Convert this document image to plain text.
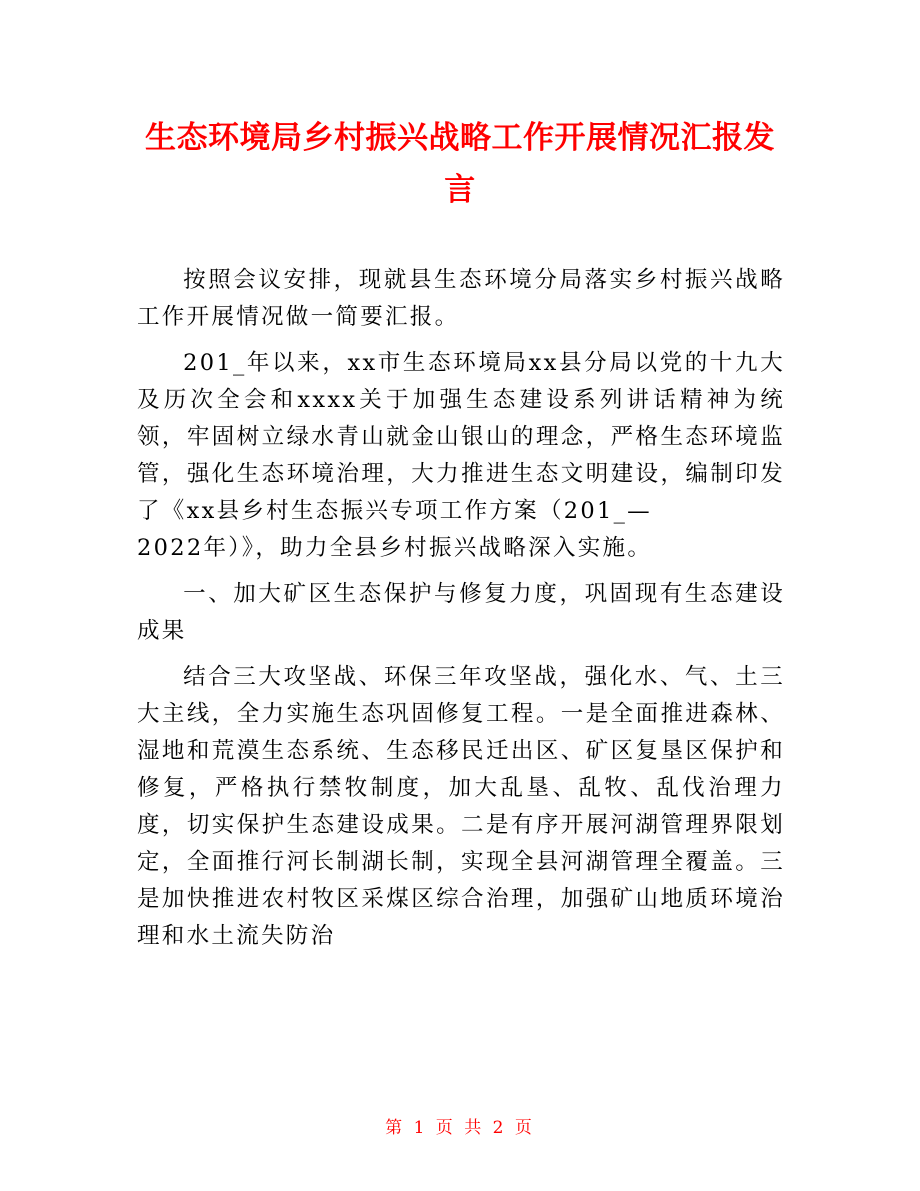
生态环境局乡村振兴战略工作开展情况汇报发言

按照会议安排，现就县生态环境分局落实乡村振兴战略工作开展情况做一简要汇报。

201_年以来，xx市生态环境局xx县分局以党的十九大及历次全会和xxxx关于加强生态建设系列讲话精神为统领，牢固树立绿水青山就金山银山的理念，严格生态环境监管，强化生态环境治理，大力推进生态文明建设，编制印发了《xx县乡村生态振兴专项工作方案（201_—

2022年）》，助力全县乡村振兴战略深入实施。

一、加大矿区生态保护与修复力度，巩固现有生态建设成果

结合三大攻坚战、环保三年攻坚战，强化水、气、土三大主线，全力实施生态巩固修复工程。一是全面推进森林、湿地和荒漠生态系统、生态移民迁出区、矿区复垦区保护和修复，严格执行禁牧制度，加大乱垦、乱牧、乱伐治理力度，切实保护生态建设成果。二是有序开展河湖管理界限划定，全面推行河长制湖长制，实现全县河湖管理全覆盖。三是加快推进农村牧区采煤区综合治理，加强矿山地质环境治理和水土流失防治

第 1 页 共 2 页
